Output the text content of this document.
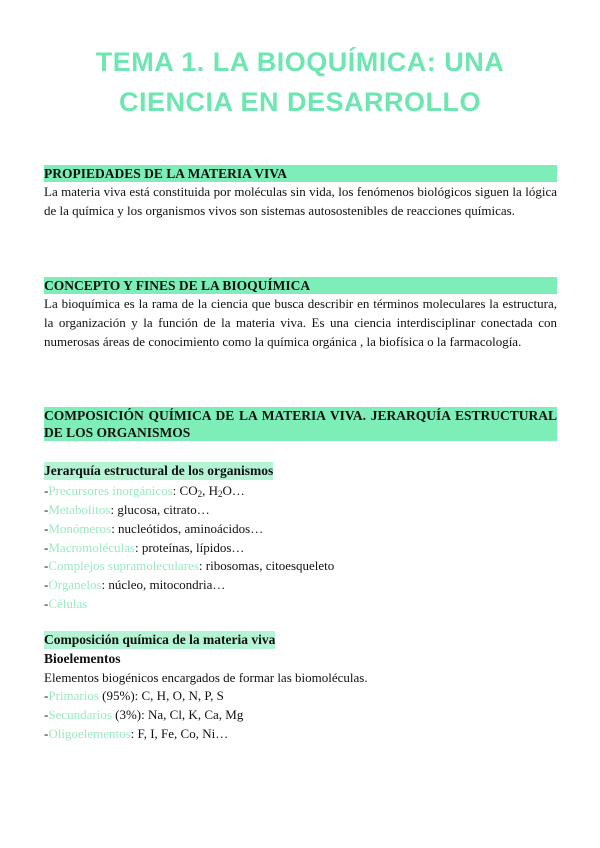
TEMA 1. LA BIOQUÍMICA: UNA CIENCIA EN DESARROLLO
PROPIEDADES DE LA MATERIA VIVA
La materia viva está constituida por moléculas sin vida, los fenómenos biológicos siguen la lógica de la química y los organismos vivos son sistemas autosostenibles de reacciones químicas.
CONCEPTO Y FINES DE LA BIOQUÍMICA
La bioquímica es la rama de la ciencia que busca describir en términos moleculares la estructura, la organización y la función de la materia viva. Es una ciencia interdisciplinar conectada con numerosas áreas de conocimiento como la química orgánica , la biofísica o la farmacología.
COMPOSICIÓN QUÍMICA DE LA MATERIA VIVA. JERARQUÍA ESTRUCTURAL DE LOS ORGANISMOS
Jerarquía estructural de los organismos
-Precursores inorgánicos: $CO_2$, $H_2O\dots$
-Metabolitos: glucosa, citrato…
-Monómeros: nucleótidos, aminoácidos…
-Macromoléculas: proteínas, lípidos…
-Complejos supramoleculares: ribosomas, citoesqueleto
-Organelos: núcleo, mitocondria…
-Células
Composición química de la materia viva
Bioelementos
Elementos biogénicos encargados de formar las biomoléculas.
-Primarios (95%): C, H, O, N, P, S
-Secundarios (3%): Na, Cl, K, Ca, Mg
-Oligoelementos: F, I, Fe, Co, Ni…
